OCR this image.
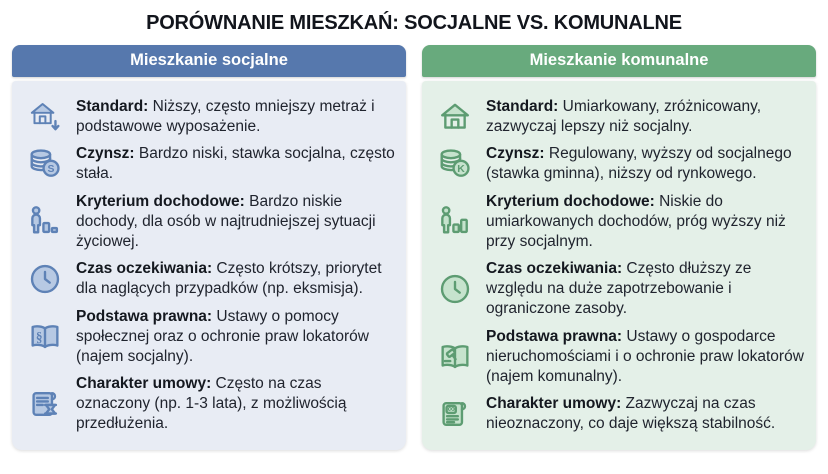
PORÓWNANIE MIESZKAŃ: SOCJALNE VS. KOMUNALNE
Mieszkanie socjalne

Standard: Niższy, często mniejszy metraż i podstawowe wyposażenie.

S

Czynsz: Bardzo niski, stawka socjalna, często stała.

Kryterium dochodowe: Bardzo niskie dochody, dla osób w najtrudniejszej sytuacji życiowej.

Czas oczekiwania: Często krótszy, priorytet dla naglących przypadków (np. eksmisja).

§

Podstawa prawna: Ustawy o pomocy społecznej oraz o ochronie praw lokatorów (najem socjalny).

Charakter umowy: Często na czas oznaczony (np. 1-3 lata), z możliwością przedłużenia.

Mieszkanie komunalne

Standard: Umiarkowany, zróżnicowany, zazwyczaj lepszy niż socjalny.

K

Czynsz: Regulowany, wyższy od socjalnego (stawka gminna), niższy od rynkowego.

Kryterium dochodowe: Niskie do umiarkowanych dochodów, próg wyższy niż przy socjalnym.

Czas oczekiwania: Często dłuższy ze względu na duże zapotrzebowanie i ograniczone zasoby.

Podstawa prawna: Ustawy o gospodarce nieruchomościami i o ochronie praw lokatorów (najem komunalny).

∞ Charakter umowy: Zazwyczaj na czas nieoznaczony, co daje większą stabilność.
